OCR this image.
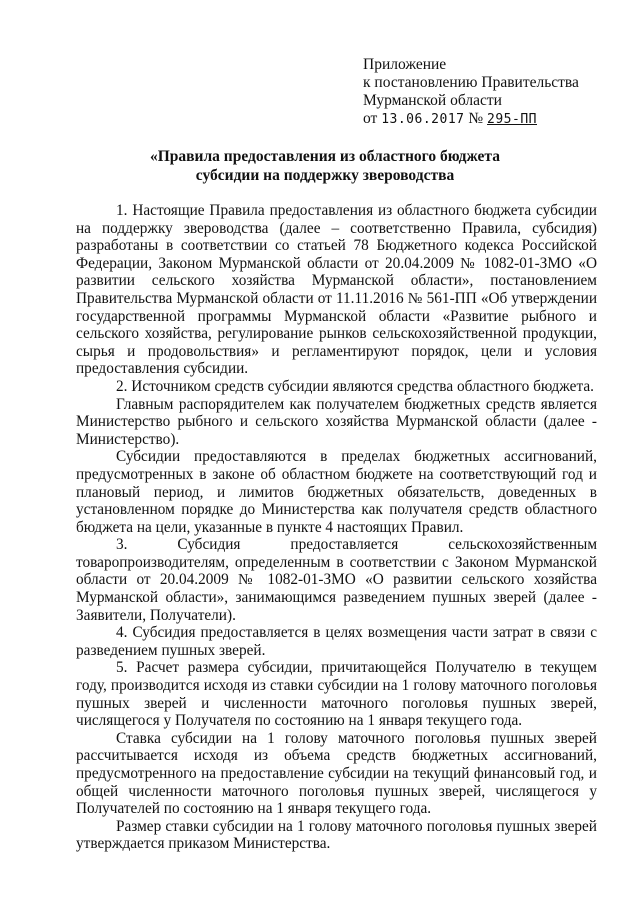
Приложение
к постановлению Правительства
Мурманской области
от 13.06.2017 № 295-ПП
«Правила предоставления из областного бюджета
субсидии на поддержку звероводства

1. Настоящие Правила предоставления из областного бюджета субсидии на поддержку звероводства (далее – соответственно Правила, субсидия) разработаны в соответствии со статьей 78 Бюджетного кодекса Российской Федерации, Законом Мурманской области от 20.04.2009 № 1082-01-ЗМО «О развитии сельского хозяйства Мурманской области», постановлением Правительства Мурманской области от 11.11.2016 № 561-ПП «Об утверждении государственной программы Мурманской области «Развитие рыбного и сельского хозяйства, регулирование рынков сельскохозяйственной продукции, сырья и продовольствия» и регламентируют порядок, цели и условия предоставления субсидии.

2. Источником средств субсидии являются средства областного бюджета.

Главным распорядителем как получателем бюджетных средств является Министерство рыбного и сельского хозяйства Мурманской области (далее - Министерство).

Субсидии предоставляются в пределах бюджетных ассигнований, предусмотренных в законе об областном бюджете на соответствующий год и плановый период, и лимитов бюджетных обязательств, доведенных в установленном порядке до Министерства как получателя средств областного бюджета на цели, указанные в пункте 4 настоящих Правил.

3. Субсидия предоставляется сельскохозяйственным товаропроизводителям, определенным в соответствии с Законом Мурманской области от 20.04.2009 № 1082-01-ЗМО «О развитии сельского хозяйства Мурманской области», занимающимся разведением пушных зверей (далее - Заявители, Получатели).

4. Субсидия предоставляется в целях возмещения части затрат в связи с разведением пушных зверей.

5. Расчет размера субсидии, причитающейся Получателю в текущем году, производится исходя из ставки субсидии на 1 голову маточного поголовья пушных зверей и численности маточного поголовья пушных зверей, числящегося у Получателя по состоянию на 1 января текущего года.

Ставка субсидии на 1 голову маточного поголовья пушных зверей рассчитывается исходя из объема средств бюджетных ассигнований, предусмотренного на предоставление субсидии на текущий финансовый год, и общей численности маточного поголовья пушных зверей, числящегося у Получателей по состоянию на 1 января текущего года.

Размер ставки субсидии на 1 голову маточного поголовья пушных зверей утверждается приказом Министерства.
